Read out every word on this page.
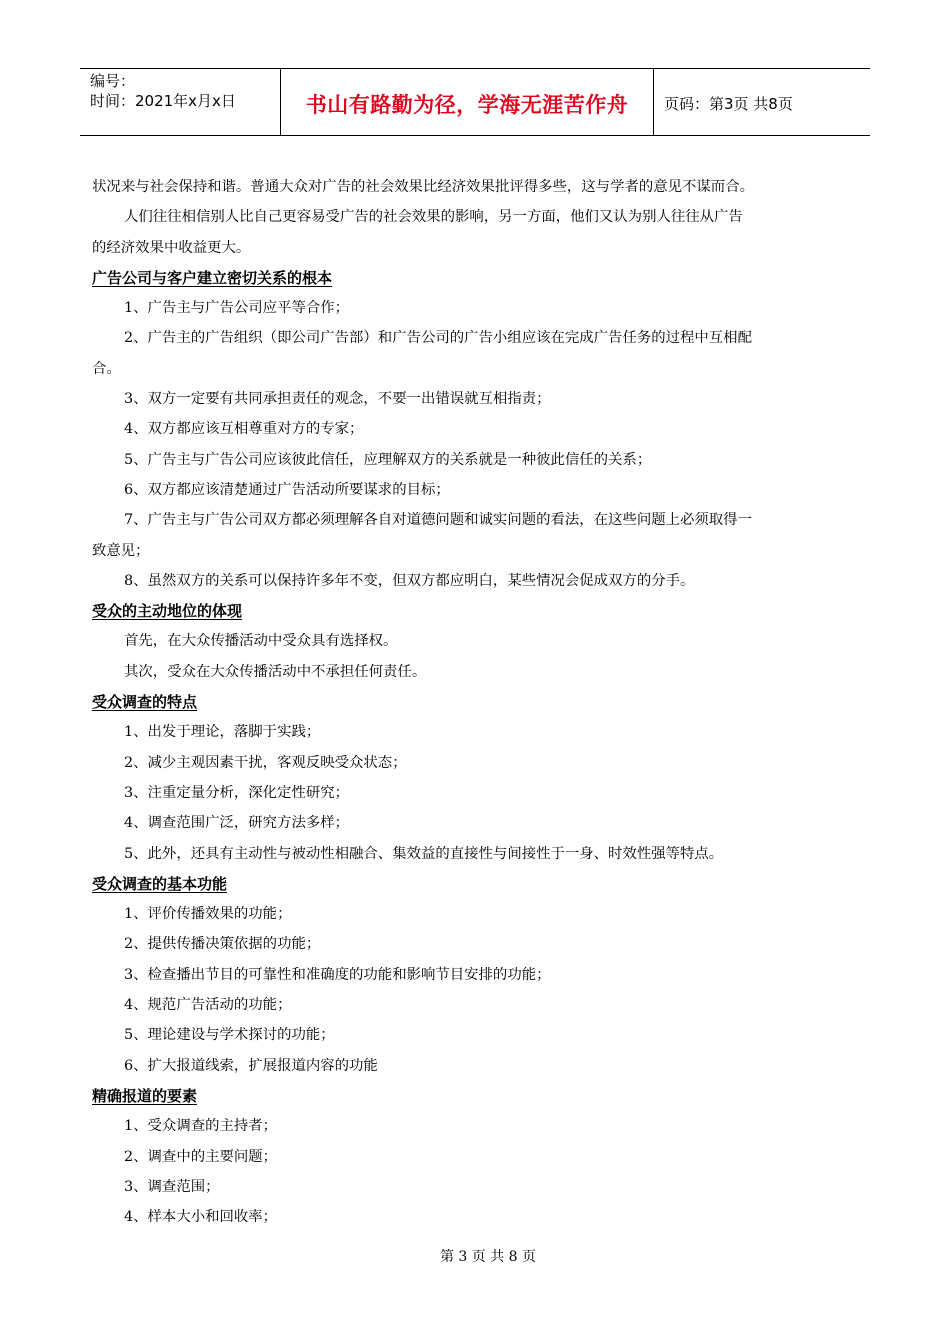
编号：
时间：2021年x月x日	书山有路勤为径，学海无涯苦作舟	页码：第3页 共8页
状况来与社会保持和谐。普通大众对广告的社会效果比经济效果批评得多些，这与学者的意见不谋而合。
人们往往相信别人比自己更容易受广告的社会效果的影响，另一方面，他们又认为别人往往从广告
的经济效果中收益更大。
广告公司与客户建立密切关系的根本
1、广告主与广告公司应平等合作；
2、广告主的广告组织（即公司广告部）和广告公司的广告小组应该在完成广告任务的过程中互相配
合。
3、双方一定要有共同承担责任的观念，不要一出错误就互相指责；
4、双方都应该互相尊重对方的专家；
5、广告主与广告公司应该彼此信任，应理解双方的关系就是一种彼此信任的关系；
6、双方都应该清楚通过广告活动所要谋求的目标；
7、广告主与广告公司双方都必须理解各自对道德问题和诚实问题的看法，在这些问题上必须取得一
致意见；
8、虽然双方的关系可以保持许多年不变，但双方都应明白，某些情况会促成双方的分手。
受众的主动地位的体现
首先，在大众传播活动中受众具有选择权。
其次，受众在大众传播活动中不承担任何责任。
受众调查的特点
1、出发于理论，落脚于实践；
2、减少主观因素干扰，客观反映受众状态；
3、注重定量分析，深化定性研究；
4、调查范围广泛，研究方法多样；
5、此外，还具有主动性与被动性相融合、集效益的直接性与间接性于一身、时效性强等特点。
受众调查的基本功能
1、评价传播效果的功能；
2、提供传播决策依据的功能；
3、检查播出节目的可靠性和准确度的功能和影响节目安排的功能；
4、规范广告活动的功能；
5、理论建设与学术探讨的功能；
6、扩大报道线索，扩展报道内容的功能
精确报道的要素
1、受众调查的主持者；
2、调查中的主要问题；
3、调查范围；
4、样本大小和回收率；
第 3 页 共 8 页
